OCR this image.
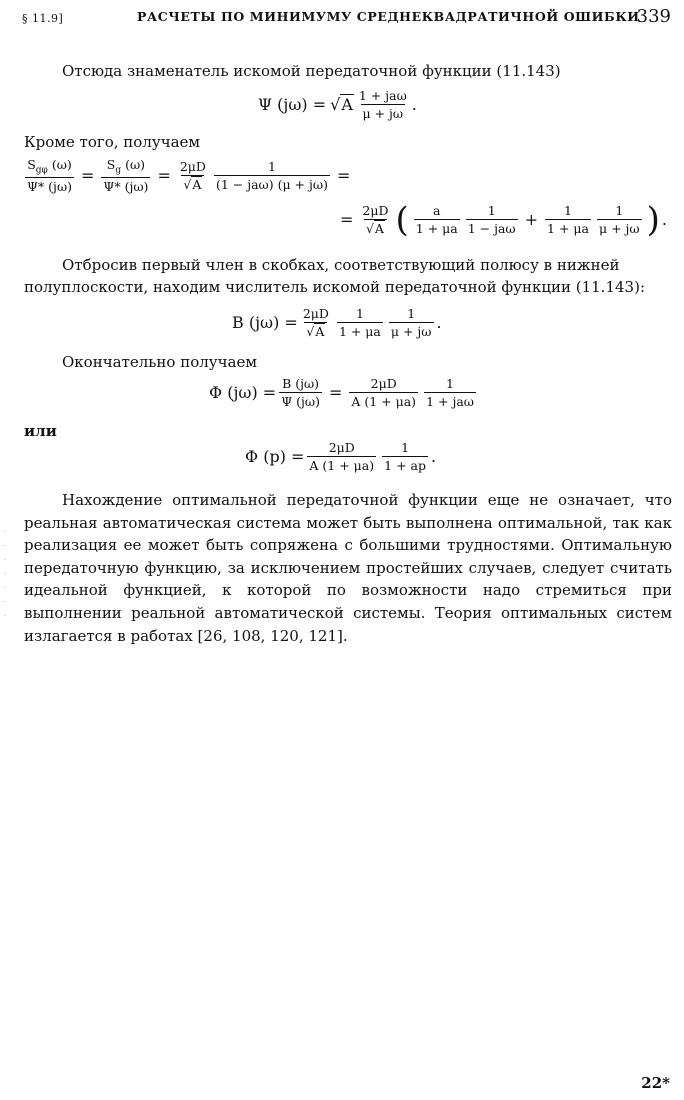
§ 11.9]	РАСЧЕТЫ ПО МИНИМУМУ СРЕДНЕКВАДРАТИЧНОЙ ОШИБКИ
339
Отсюда знаменатель искомой передаточной функции (11.143)
Ψ (jω) = √A 1 + jaω
μ + jω .
Кроме того, получаем
$S_{g\varphi}$ (ω)
Ψ* (jω)
= $\frac{S_g (\omega)}{\Psi* (j\omega)} = \frac{2\mu D}{√A}$	1
(1 − jaω) (μ + jω) =
= $\frac{2\mu D}{√A}$ ( $\frac{a}{1 + \mu a} 1$
$1 - ja\omega + \frac{1}{1 + \mu a} \frac{1}{\mu + j\omega}$ ) .
Отбросив первый член в скобках, соответствующий полюсу в нижней
полуплоскости, находим числитель искомой передаточной функции (11.143):
B $(j\omega) = \frac{2\mu D}{√A} \frac{1}{1 + \mu a} \frac{1}{\mu + j\omega}$ .
Окончательно получаем
Φ $(j\omega) = \frac{B (j\omega)}{\Psi (j\omega)} = \frac{2\mu D}{A (1 + \mu a)} 1$
1 + jaω
или
Φ $(p) = \frac{2\mu D}{A (1 + \mu a)} \frac{1}{1 + ap}$ .
Нахождение оптимальной передаточной функции еще не означает, что реальная автоматическая система может быть выполнена оптимальной, так как реализация ее может быть сопряжена с большими трудностями. Оптимальную передаточную функцию, за исключением простейших случаев, следует считать идеальной функцией, к которой по возможности надо стремиться при выполнении реальной автоматической системы. Теория оптимальных систем излагается в работах [26, 108, 120, 121].
·
·
·
·
·
·
·
22*
